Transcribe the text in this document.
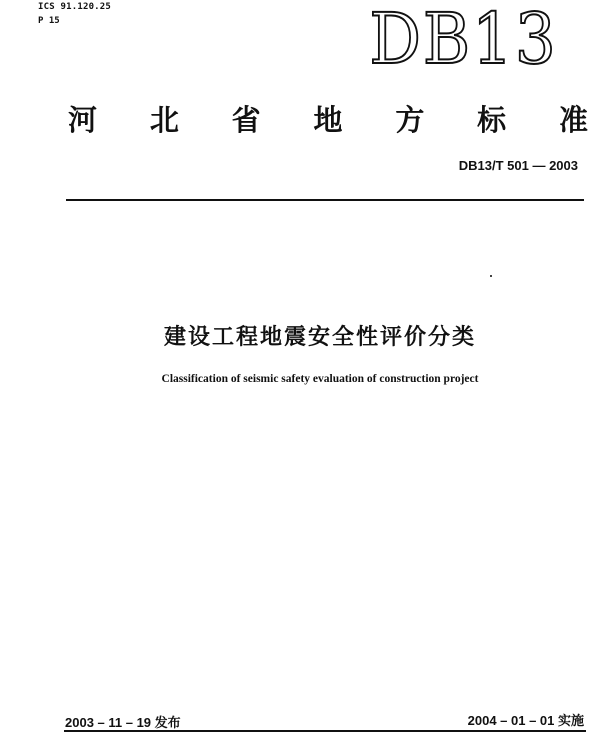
ICS 91.120.25
P 15	DB13
河 北 省 地 方 标 准
DB13/T 501 — 2003
建设工程地震安全性评价分类
Classification of seismic safety evaluation of construction project
2003 – 11 – 19 发布	2004 – 01 – 01 实施
